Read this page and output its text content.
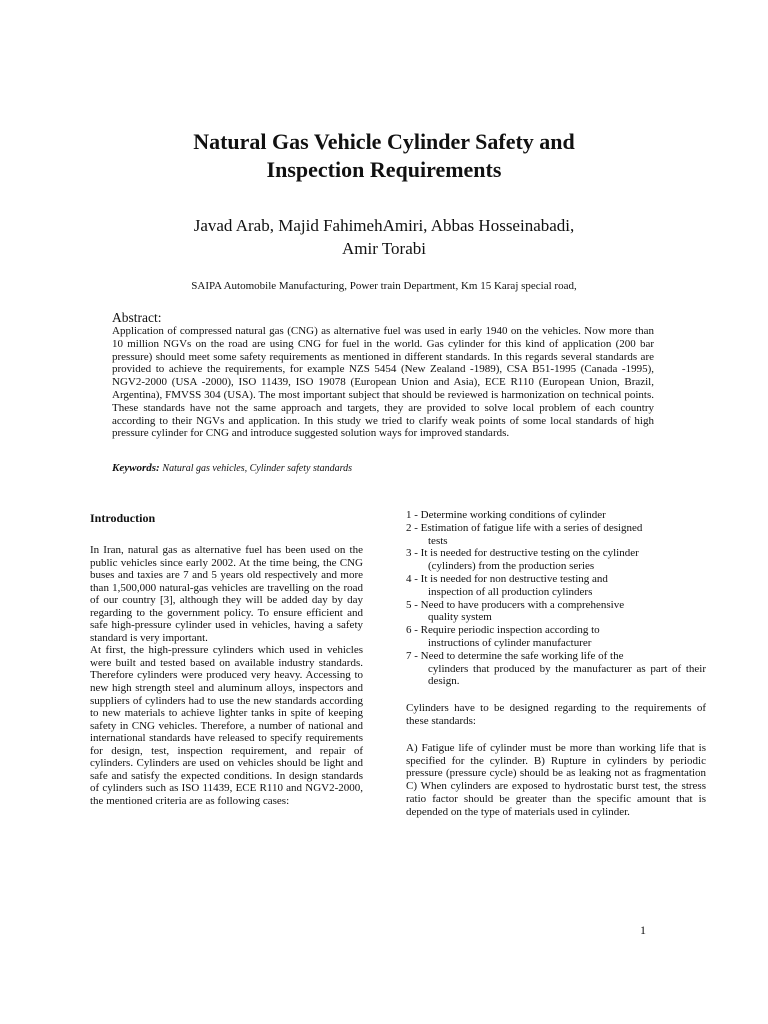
Natural Gas Vehicle Cylinder Safety and
Inspection Requirements

Javad Arab, Majid FahimehAmiri, Abbas Hosseinabadi,
Amir Torabi

SAIPA Automobile Manufacturing, Power train Department, Km 15 Karaj special road,

Abstract:

Application of compressed natural gas (CNG) as alternative fuel was used in early 1940 on the vehicles. Now more than 10 million NGVs on the road are using CNG for fuel in the world. Gas cylinder for this kind of application (200 bar pressure) should meet some safety requirements as mentioned in different standards. In this regards several standards are provided to achieve the requirements, for example NZS 5454 (New Zealand -1989), CSA B51-1995 (Canada -1995), NGV2-2000 (USA -2000), ISO 11439, ISO 19078 (European Union and Asia), ECE R110 (European Union, Brazil, Argentina), FMVSS 304 (USA). The most important subject that should be reviewed is harmonization on technical points. These standards have not the same approach and targets, they are provided to solve local problem of each country according to their NGVs and application. In this study we tried to clarify weak points of some local standards of high pressure cylinder for CNG and introduce suggested solution ways for improved standards.

Keywords: Natural gas vehicles, Cylinder safety standards

Introduction

In Iran, natural gas as alternative fuel has been used on the public vehicles since early 2002. At the time being, the CNG buses and taxies are 7 and 5 years old respectively and more than 1,500,000 natural-gas vehicles are travelling on the road of our country [3], although they will be added day by day regarding to the government policy. To ensure efficient and safe high-pressure cylinder used in vehicles, having a safety standard is very important.

At first, the high-pressure cylinders which used in vehicles were built and tested based on available industry standards. Therefore cylinders were produced very heavy. Accessing to new high strength steel and aluminum alloys, inspectors and suppliers of cylinders had to use the new standards according to new materials to achieve lighter tanks in spite of keeping safety in CNG vehicles. Therefore, a number of national and international standards have released to specify requirements for design, test, inspection requirement, and repair of cylinders. Cylinders are used on vehicles should be light and safe and satisfy the expected conditions. In design standards of cylinders such as ISO 11439, ECE R110 and NGV2-2000, the mentioned criteria are as following cases:

1 - Determine working conditions of cylinder
2 - Estimation of fatigue life with a series of designed
tests
3 - It is needed for destructive testing on the cylinder
(cylinders) from the production series
4 - It is needed for non destructive testing and
inspection of all production cylinders
5 - Need to have producers with a comprehensive
quality system
6 - Require periodic inspection according to
instructions of cylinder manufacturer
7 - Need to determine the safe working life of the
cylinders that produced by the manufacturer as part of their design.

Cylinders have to be designed regarding to the requirements of these standards:

A) Fatigue life of cylinder must be more than working life that is specified for the cylinder. B) Rupture in cylinders by periodic pressure (pressure cycle) should be as leaking not as fragmentation C) When cylinders are exposed to hydrostatic burst test, the stress ratio factor should be greater than the specific amount that is depended on the type of materials used in cylinder.

1
